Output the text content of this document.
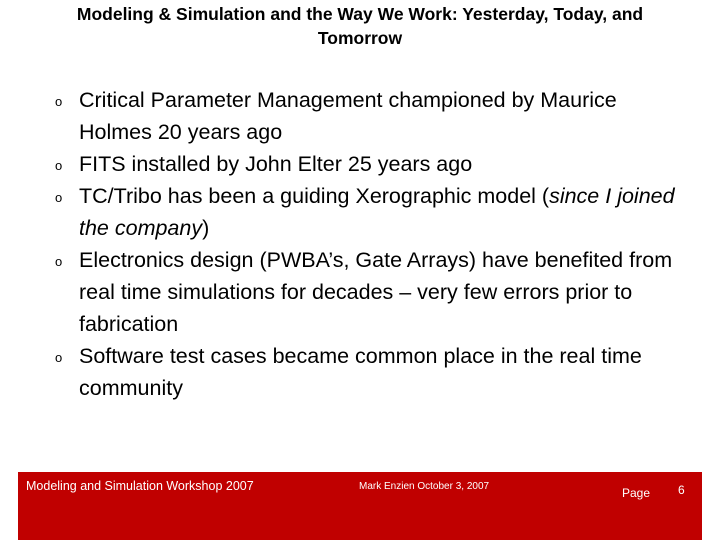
Modeling & Simulation and the Way We Work: Yesterday, Today, and
Tomorrow
o Critical Parameter Management championed by Maurice Holmes 20 years ago
o FITS installed by John Elter 25 years ago
o TC/Tribo has been a guiding Xerographic model (since I joined the company)
o Electronics design (PWBA’s, Gate Arrays) have benefited from real time simulations for decades – very few errors prior to fabrication
o Software test cases became common place in the real time community
Modeling and Simulation Workshop 2007	Mark Enzien October 3, 2007	Page 6
